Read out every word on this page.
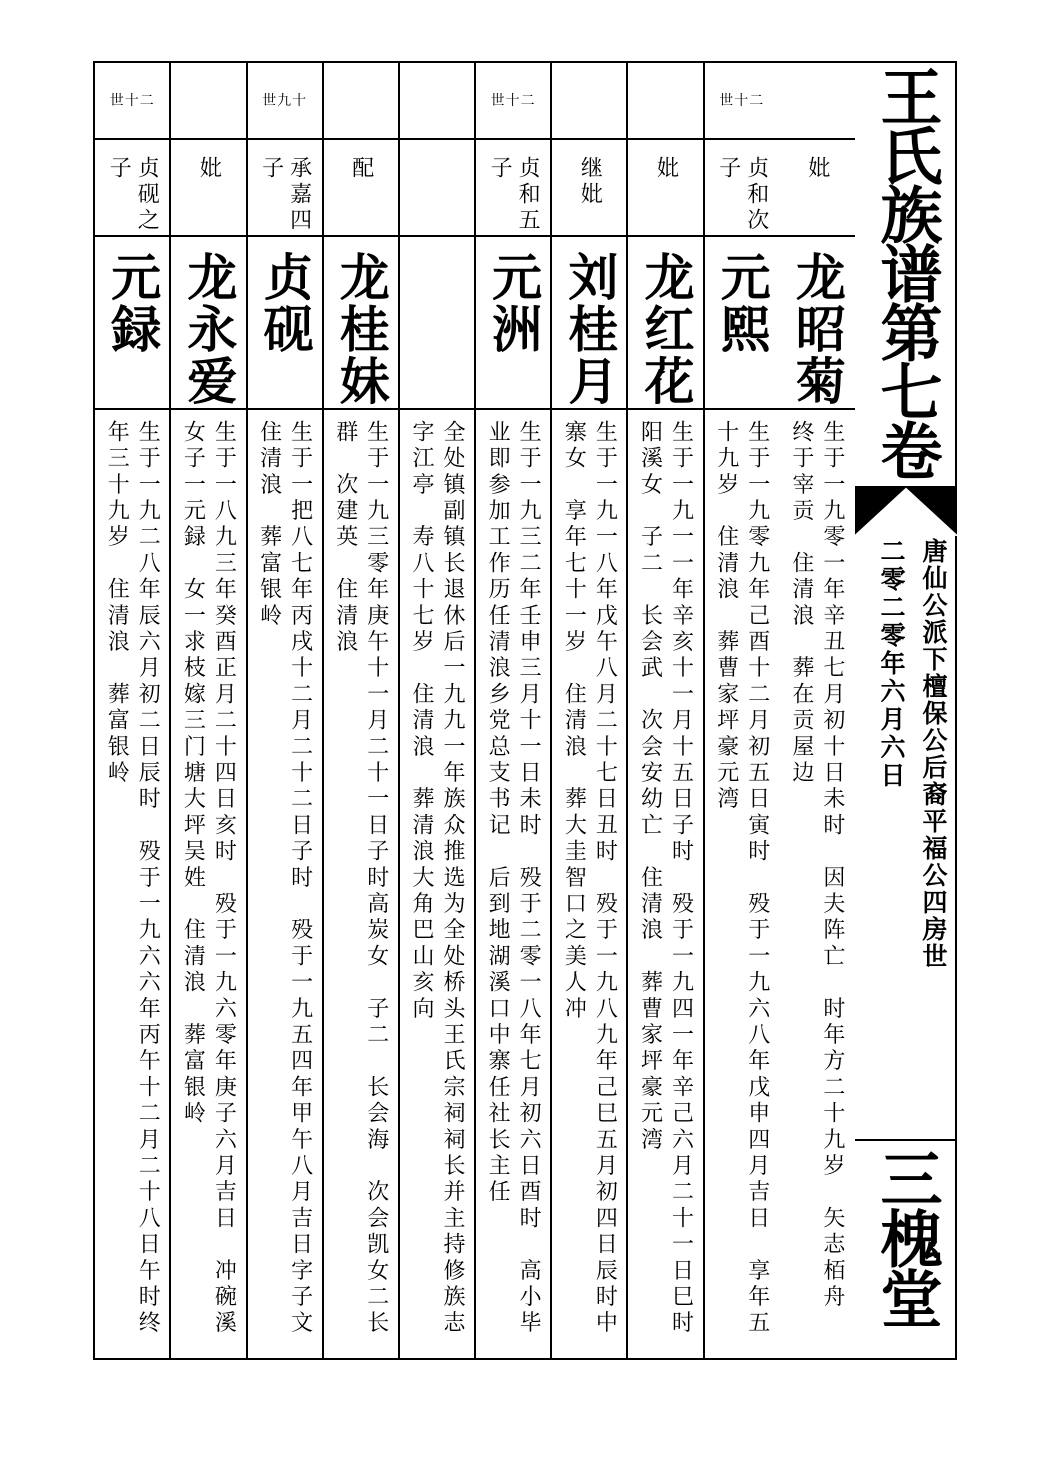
妣
龙昭菊
生于一九零一年辛丑七月初十日未时　因夫阵亡　时年方二十九岁　矢志栢舟　终于宰贡　住清浪　葬在贡屋边
世十二
贞和次子
元熙
生于一九零九年己酉十二月初五日寅时　殁于一九六八年戊申四月吉日　享年五十九岁　住清浪　葬曹家坪豪元湾
妣
龙红花
生于一九一一年辛亥十一月十五日子时　殁于一九四一年辛己六月二十一日巳时　阳溪女　子二　长会武　次会安幼亡　住清浪　葬曹家坪豪元湾
继妣
刘桂月
生于一九一八年戊午八月二十七日丑时　殁于一九八九年己巳五月初四日辰时中寨女　享年七十一岁　住清浪　葬大圭智口之美人冲
世十二
贞和五子
元洲
生于一九三二年壬申三月十一日未时　殁于二零一八年七月初六日酉时　高小毕业即参加工作历任清浪乡党总支书记　后到地湖溪口中寨任社长主任
全处镇副镇长退休后一九九一年族众推选为全处桥头王氏宗祠祠长并主持修族志　字江亭　寿八十七岁　住清浪　葬清浪大角巴山亥向
配
龙桂妹
生于一九三零年庚午十一月二十一日子时高炭女　子二　长会海　次会凯女二长群　次建英　住清浪
世九十
承嘉四子
贞砚
生于一把八七年丙戌十二月二十二日子时　殁于一九五四年甲午八月吉日字子文住清浪　葬富银岭
妣
龙永爱
生于一八九三年癸酉正月二十四日亥时　殁于一九六零年庚子六月吉日　冲碗溪女子一元録　女一求枝嫁三门塘大坪吴姓　住清浪　葬富银岭
世十二
贞砚之子
元録
生于一九二八年辰六月初二日辰时　殁于一九六六年丙午十二月二十八日午时终年三十九岁　住清浪　葬富银岭
王氏族谱第七卷
唐仙公派下檀保公后裔平福公四房世
二零二零年六月六日
三槐堂
